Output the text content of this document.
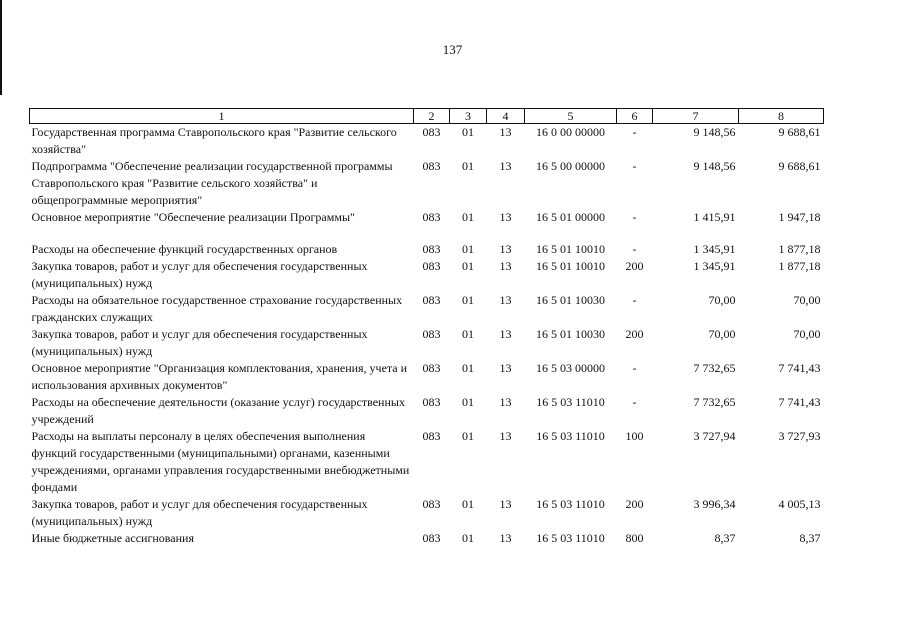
137
1	2	3	4	5	6	7	8
Государственная программа Ставропольского края "Развитие сельского хозяйства"	083	01	13	16 0 00 00000	-	9 148,56	9 688,61
Подпрограмма "Обеспечение реализации государственной программы Ставропольского края "Развитие сельского хозяйства" и общепрограммные мероприятия"	083	01	13	16 5 00 00000	-	9 148,56	9 688,61
Основное мероприятие "Обеспечение реализации Программы"	083	01	13	16 5 01 00000	-	1 415,91	1 947,18

Расходы на обеспечение функций государственных органов	083	01	13	16 5 01 10010	-	1 345,91	1 877,18
Закупка товаров, работ и услуг для обеспечения государственных (муниципальных) нужд	083	01	13	16 5 01 10010	200	1 345,91	1 877,18
Расходы на обязательное государственное страхование государственных гражданских служащих	083	01	13	16 5 01 10030	-	70,00	70,00
Закупка товаров, работ и услуг для обеспечения государственных (муниципальных) нужд	083	01	13	16 5 01 10030	200	70,00	70,00
Основное мероприятие "Организация комплектования, хранения, учета и использования архивных документов"	083	01	13	16 5 03 00000	-	7 732,65	7 741,43
Расходы на обеспечение деятельности (оказание услуг) государственных учреждений	083	01	13	16 5 03 11010	-	7 732,65	7 741,43
Расходы на выплаты персоналу в целях обеспечения выполнения функций государственными (муниципальными) органами, казенными учреждениями, органами управления государственными внебюджетными фондами	083	01	13	16 5 03 11010	100	3 727,94	3 727,93
Закупка товаров, работ и услуг для обеспечения государственных (муниципальных) нужд	083	01	13	16 5 03 11010	200	3 996,34	4 005,13
Иные бюджетные ассигнования	083	01	13	16 5 03 11010	800	8,37	8,37
